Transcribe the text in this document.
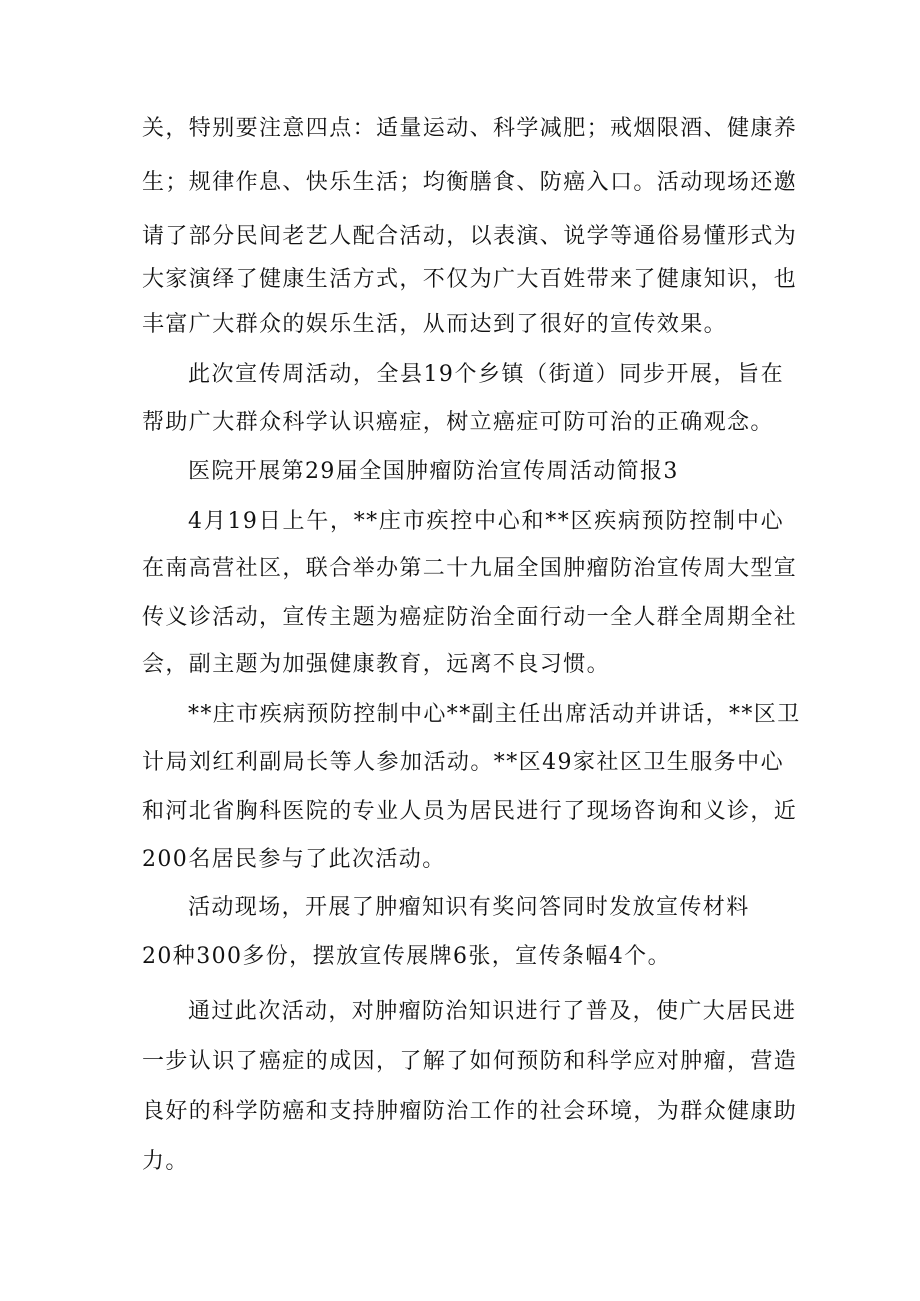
关，特别要注意四点：适量运动、科学减肥；戒烟限酒、健康养
生；规律作息、快乐生活；均衡膳食、防癌入口。活动现场还邀
请了部分民间老艺人配合活动，以表演、说学等通俗易懂形式为
大家演绎了健康生活方式，不仅为广大百姓带来了健康知识，也
丰富广大群众的娱乐生活，从而达到了很好的宣传效果。
此次宣传周活动，全县19个乡镇（街道）同步开展，旨在
帮助广大群众科学认识癌症，树立癌症可防可治的正确观念。
医院开展第29届全国肿瘤防治宣传周活动简报3
4月19日上午，**庄市疾控中心和**区疾病预防控制中心
在南高营社区，联合举办第二十九届全国肿瘤防治宣传周大型宣
传义诊活动，宣传主题为癌症防治全面行动一全人群全周期全社
会，副主题为加强健康教育，远离不良习惯。
**庄市疾病预防控制中心**副主任出席活动并讲话，**区卫
计局刘红利副局长等人参加活动。**区49家社区卫生服务中心
和河北省胸科医院的专业人员为居民进行了现场咨询和义诊，近
200名居民参与了此次活动。
活动现场，开展了肿瘤知识有奖问答同时发放宣传材料
20种300多份，摆放宣传展牌6张，宣传条幅4个。
通过此次活动，对肿瘤防治知识进行了普及，使广大居民进
一步认识了癌症的成因，了解了如何预防和科学应对肿瘤，营造
良好的科学防癌和支持肿瘤防治工作的社会环境，为群众健康助
力。
